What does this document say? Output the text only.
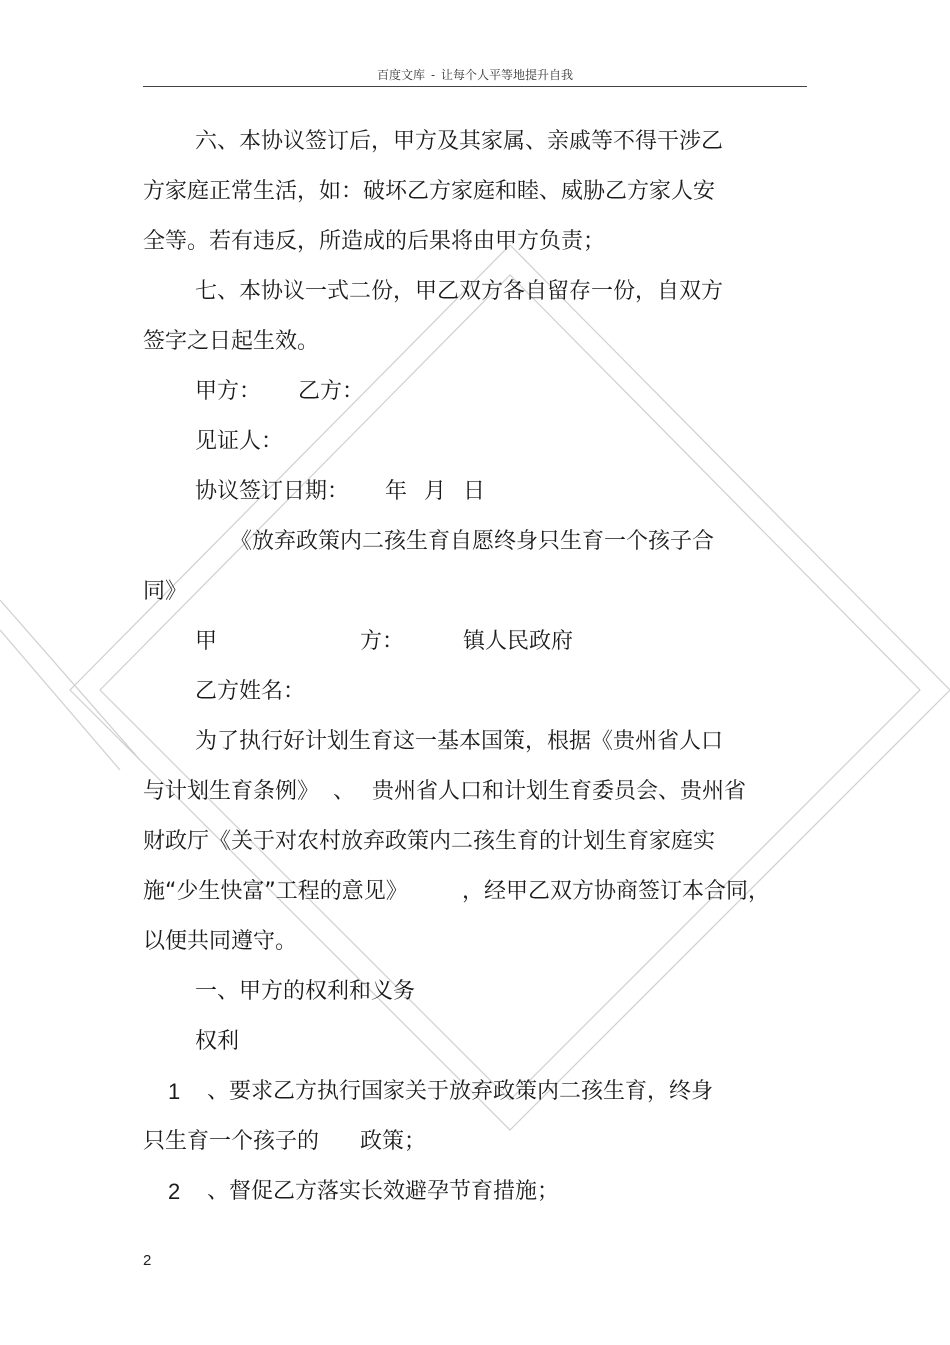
百度文库 - 让每个人平等地提升自我

六、本协议签订后，甲方及其家属、亲戚等不得干涉乙

方家庭正常生活，如：破坏乙方家庭和睦、威胁乙方家人安

全等。若有违反，所造成的后果将由甲方负责；

七、本协议一式二份，甲乙双方各自留存一份，自双方

签字之日起生效。

甲方： 乙方：

见证人：

协议签订日期： 年 月 日

《放弃政策内二孩生育自愿终身只生育一个孩子合

同》

甲	方：	镇人民政府

乙方姓名：

为了执行好计划生育这一基本国策，根据《贵州省人口

与计划生育条例》 、 贵州省人口和计划生育委员会、贵州省

财政厅《关于对农村放弃政策内二孩生育的计划生育家庭实

施“少生快富”工程的意见》 ，经甲乙双方协商签订本合同，

以便共同遵守。

一、甲方的权利和义务

权利

1 、要求乙方执行国家关于放弃政策内二孩生育，终身

只生育一个孩子的 政策；

2 、督促乙方落实长效避孕节育措施；

2
